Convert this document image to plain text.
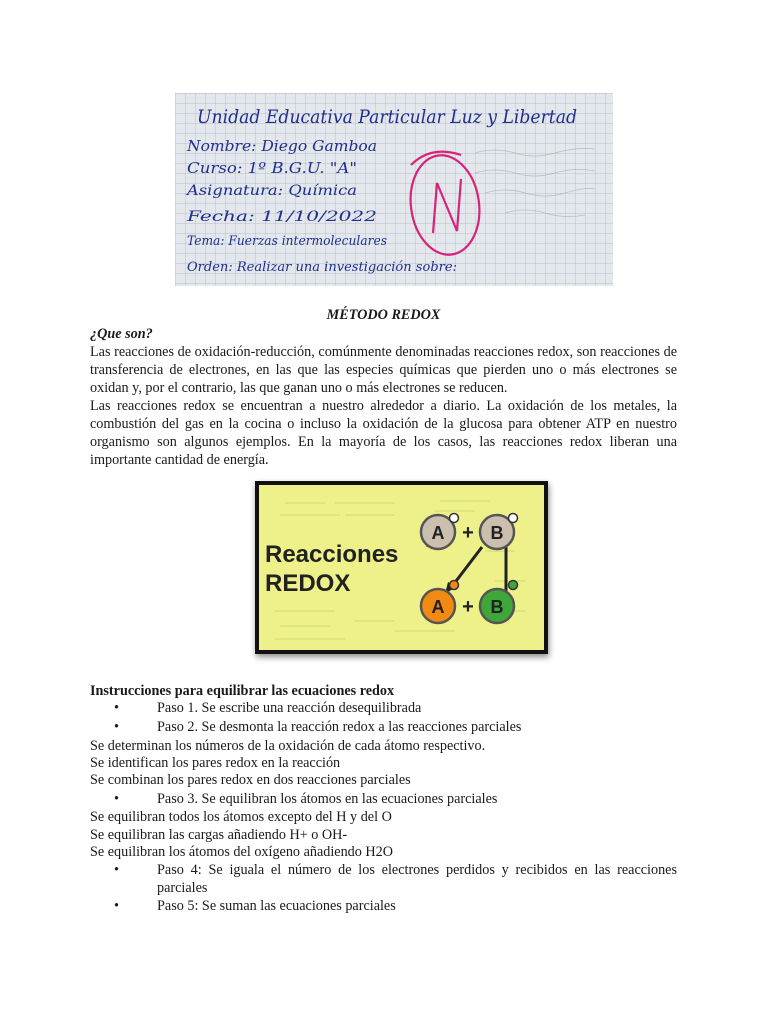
Unidad Educativa Particular Luz y Libertad
Nombre: Diego Gamboa
Curso: 1º B.G.U. "A"
Asignatura: Química
Fecha: 11/10/2022
Tema: Fuerzas intermoleculares
Orden: Realizar una investigación sobre:
MÉTODO REDOX
¿Que son?
Las reacciones de oxidación-reducción, comúnmente denominadas reacciones redox, son reacciones de transferencia de electrones, en las que las especies químicas que pierden uno o más electrones se oxidan y, por el contrario, las que ganan uno o más electrones se reducen.
Las reacciones redox se encuentran a nuestro alrededor a diario. La oxidación de los metales, la combustión del gas en la cocina o incluso la oxidación de la glucosa para obtener ATP en nuestro organismo son algunos ejemplos. En la mayoría de los casos, las reacciones redox liberan una importante cantidad de energía.
Reacciones
REDOX
A + B
A + B
Instrucciones para equilibrar las ecuaciones redox
•	Paso 1. Se escribe una reacción desequilibrada
•	Paso 2. Se desmonta la reacción redox a las reacciones parciales
Se determinan los números de la oxidación de cada átomo respectivo.
Se identifican los pares redox en la reacción
Se combinan los pares redox en dos reacciones parciales
•	Paso 3. Se equilibran los átomos en las ecuaciones parciales
Se equilibran todos los átomos excepto del H y del O
Se equilibran las cargas añadiendo H+ o OH-
Se equilibran los átomos del oxígeno añadiendo H2O
•	Paso 4: Se iguala el número de los electrones perdidos y recibidos en las reacciones parciales
•	Paso 5: Se suman las ecuaciones parciales
